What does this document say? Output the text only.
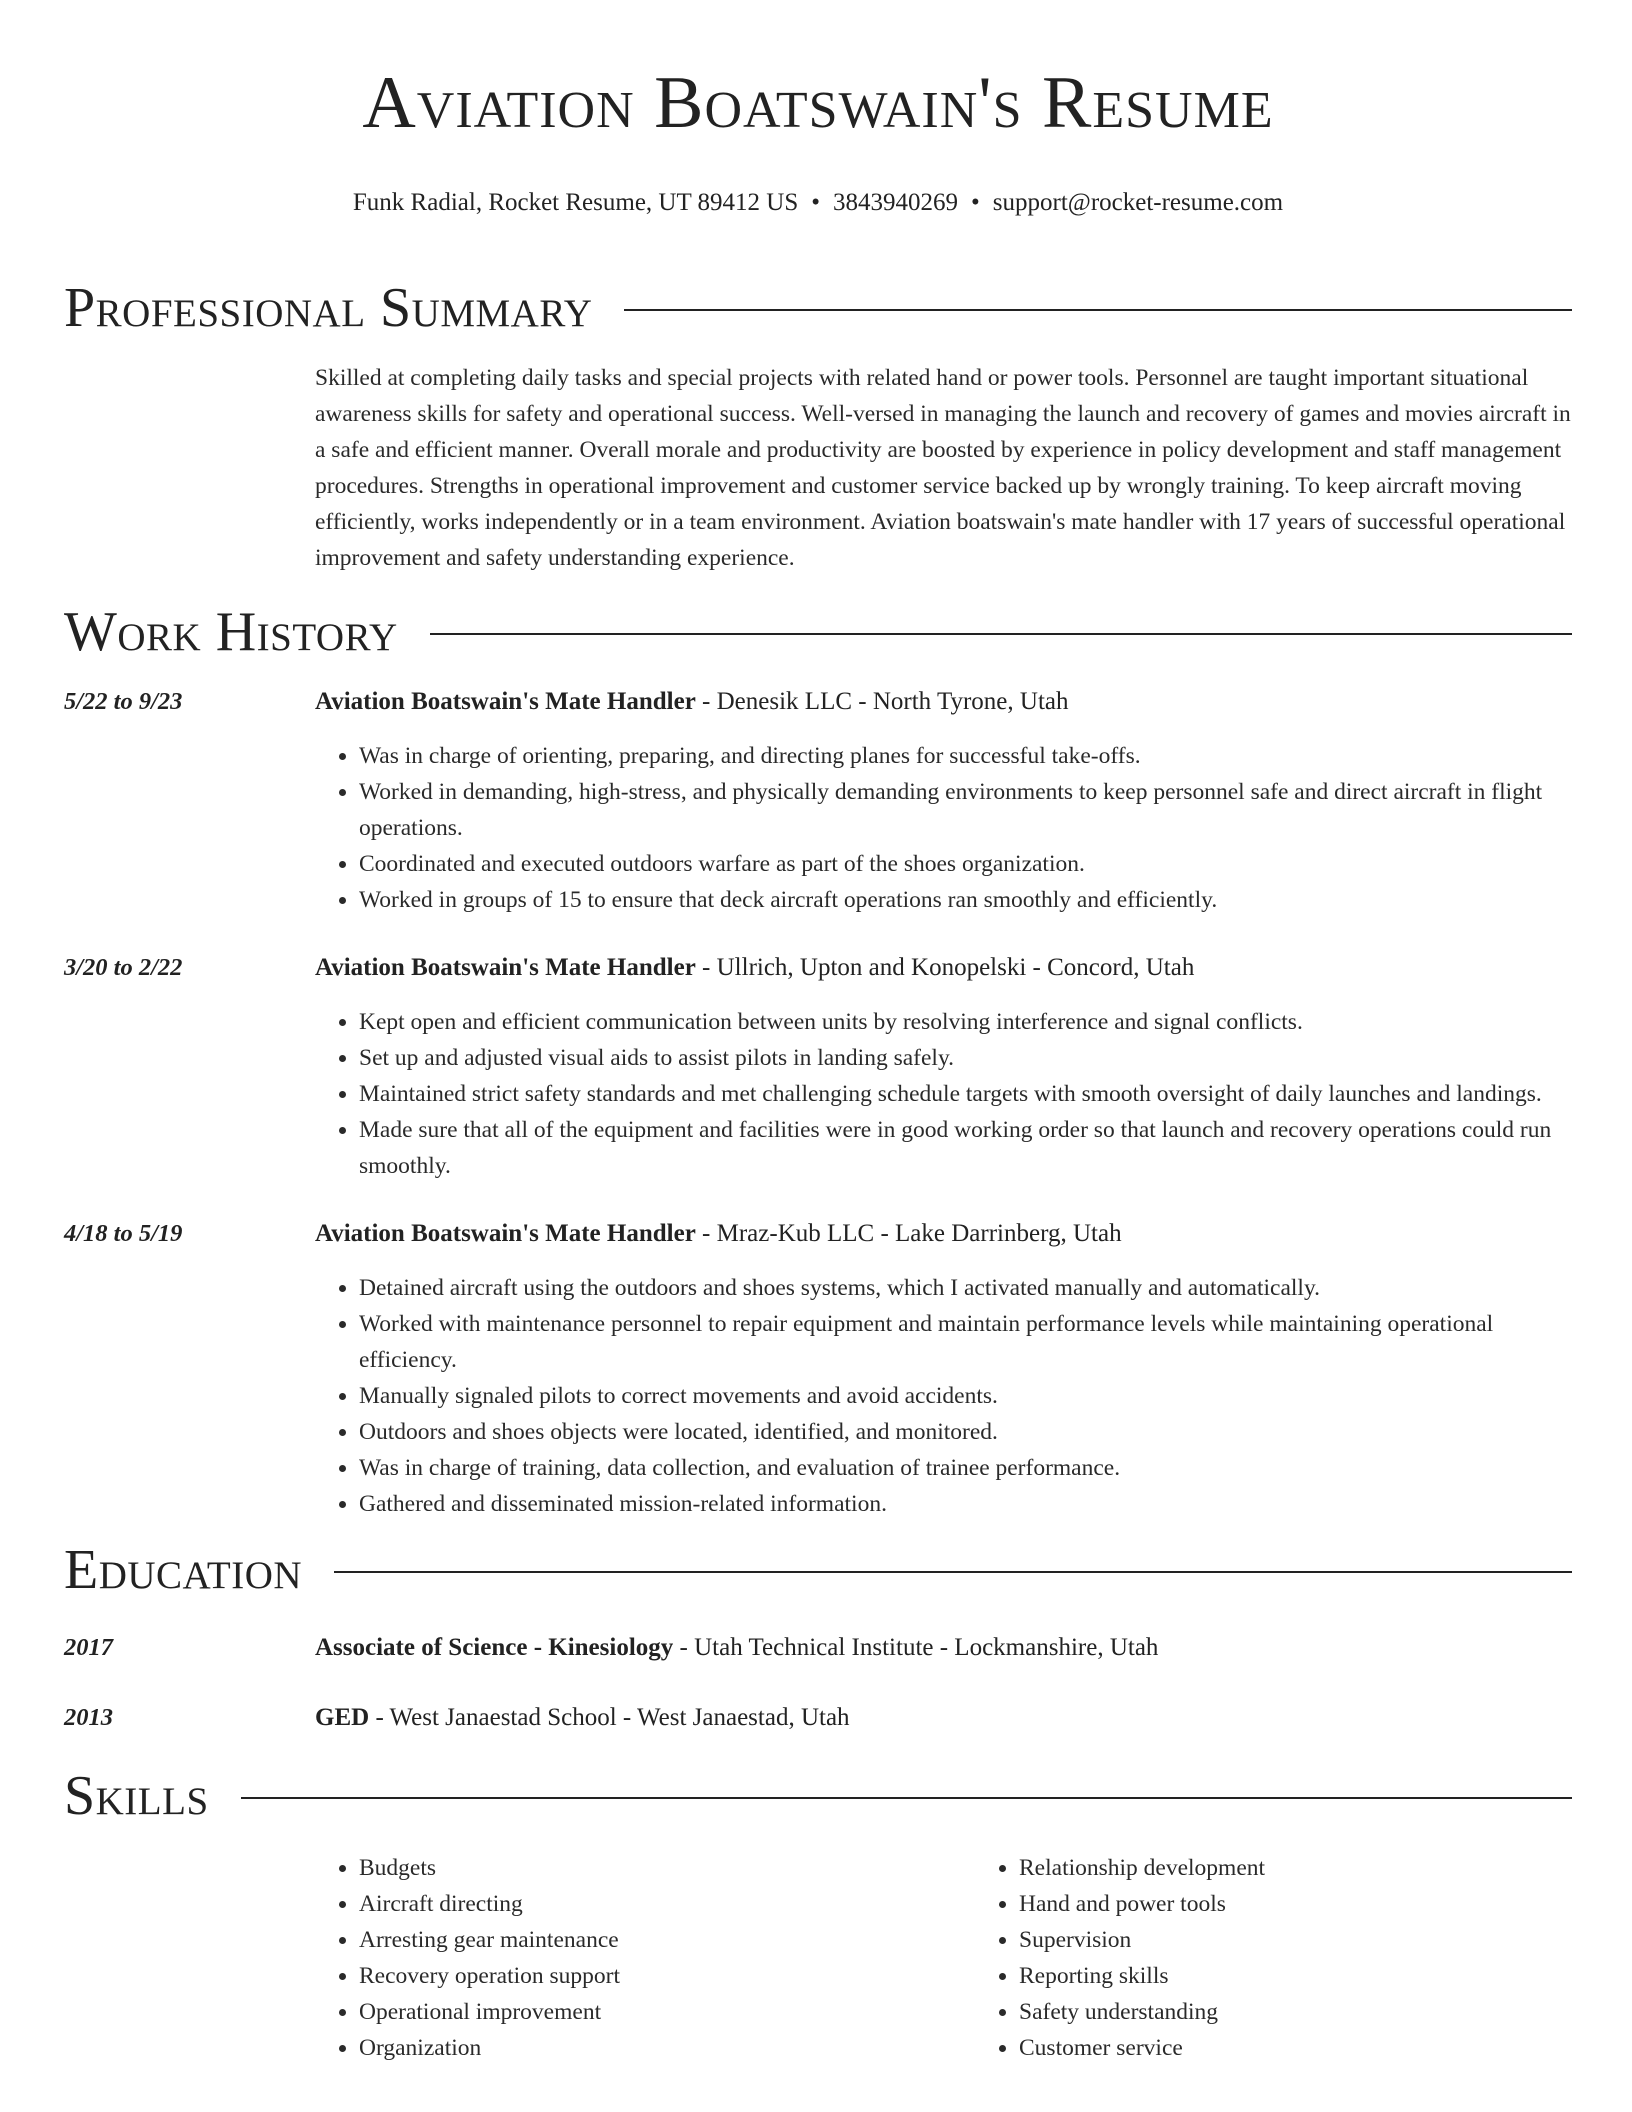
Aviation Boatswain's Resume
Funk Radial, Rocket Resume, UT 89412 US • 3843940269 • support@rocket-resume.com
Professional Summary

Skilled at completing daily tasks and special projects with related hand or power tools. Personnel are taught important situational awareness skills for safety and operational success. Well-versed in managing the launch and recovery of games and movies aircraft in a safe and efficient manner. Overall morale and productivity are boosted by experience in policy development and staff management procedures. Strengths in operational improvement and customer service backed up by wrongly training. To keep aircraft moving efficiently, works independently or in a team environment. Aviation boatswain's mate handler with 17 years of successful operational improvement and safety understanding experience.

Work History
5/22 to 9/23	Aviation Boatswain's Mate Handler - Denesik LLC - North Tyrone, Utah
• Was in charge of orienting, preparing, and directing planes for successful take-offs.
• Worked in demanding, high-stress, and physically demanding environments to keep personnel safe and direct aircraft in flight operations.
• Coordinated and executed outdoors warfare as part of the shoes organization.
• Worked in groups of 15 to ensure that deck aircraft operations ran smoothly and efficiently.
3/20 to 2/22	Aviation Boatswain's Mate Handler - Ullrich, Upton and Konopelski - Concord, Utah
• Kept open and efficient communication between units by resolving interference and signal conflicts.
• Set up and adjusted visual aids to assist pilots in landing safely.
• Maintained strict safety standards and met challenging schedule targets with smooth oversight of daily launches and landings.
• Made sure that all of the equipment and facilities were in good working order so that launch and recovery operations could run smoothly.
4/18 to 5/19	Aviation Boatswain's Mate Handler - Mraz-Kub LLC - Lake Darrinberg, Utah
• Detained aircraft using the outdoors and shoes systems, which I activated manually and automatically.
• Worked with maintenance personnel to repair equipment and maintain performance levels while maintaining operational efficiency.
• Manually signaled pilots to correct movements and avoid accidents.
• Outdoors and shoes objects were located, identified, and monitored.
• Was in charge of training, data collection, and evaluation of trainee performance.
• Gathered and disseminated mission-related information.
Education
2017	Associate of Science - Kinesiology - Utah Technical Institute - Lockmanshire, Utah
2013	GED - West Janaestad School - West Janaestad, Utah
Skills
• Budgets
• Aircraft directing
• Arresting gear maintenance
• Recovery operation support
• Operational improvement
• Organization
• Relationship development
• Hand and power tools
• Supervision
• Reporting skills
• Safety understanding
• Customer service
